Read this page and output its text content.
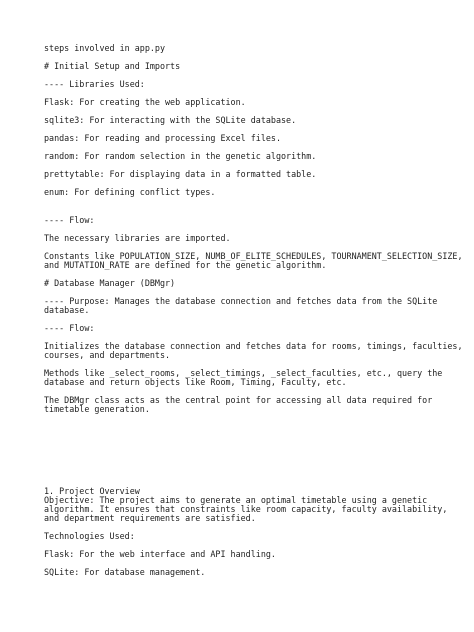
steps involved in app.py
# Initial Setup and Imports
---- Libraries Used:
Flask: For creating the web application.
sqlite3: For interacting with the SQLite database.
pandas: For reading and processing Excel files.
random: For random selection in the genetic algorithm.
prettytable: For displaying data in a formatted table.
enum: For defining conflict types.
---- Flow:
The necessary libraries are imported.
Constants like POPULATION_SIZE, NUMB_OF_ELITE_SCHEDULES, TOURNAMENT_SELECTION_SIZE,
and MUTATION_RATE are defined for the genetic algorithm.
# Database Manager (DBMgr)
---- Purpose: Manages the database connection and fetches data from the SQLite
database.
---- Flow:
Initializes the database connection and fetches data for rooms, timings, faculties,
courses, and departments.
Methods like _select_rooms, _select_timings, _select_faculties, etc., query the
database and return objects like Room, Timing, Faculty, etc.
The DBMgr class acts as the central point for accessing all data required for
timetable generation.
1. Project Overview
Objective: The project aims to generate an optimal timetable using a genetic
algorithm. It ensures that constraints like room capacity, faculty availability,
and department requirements are satisfied.
Technologies Used:
Flask: For the web interface and API handling.
SQLite: For database management.
